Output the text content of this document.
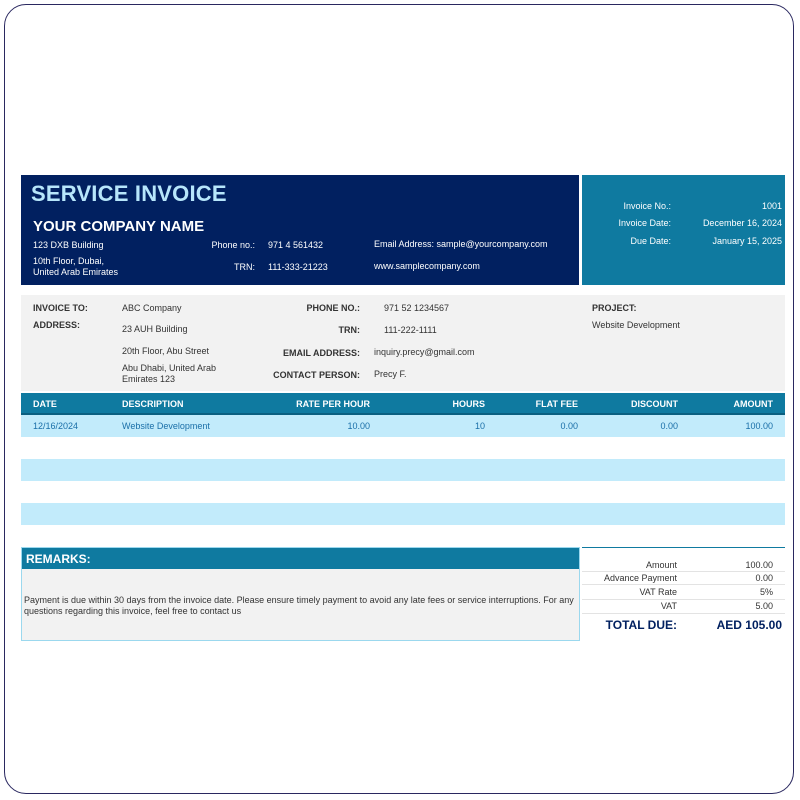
SERVICE INVOICE
YOUR COMPANY NAME
123 DXB Building
10th Floor, Dubai,
United Arab Emirates
Phone no.: 971 4 561432
TRN: 111-333-21223
Email Address: sample@yourcompany.com
www.samplecompany.com
Invoice No.:	1001
Invoice Date:	December 16, 2024
Due Date:	January 15, 2025
INVOICE TO:	ABC Company
ADDRESS:	23 AUH Building
20th Floor, Abu Street
Abu Dhabi, United Arab
Emirates 123
PHONE NO.:	971 52 1234567
TRN:	111-222-1111
EMAIL ADDRESS: inquiry.precy@gmail.com
CONTACT PERSON: Precy F.
PROJECT:
Website Development
DATE	DESCRIPTION	RATE PER HOUR	HOURS	FLAT FEE	DISCOUNT	AMOUNT
12/16/2024	Website Development	10.00	10	0.00	0.00	100.00
REMARKS:
Payment is due within 30 days from the invoice date. Please ensure timely payment to avoid any late fees or service interruptions. For any questions regarding this invoice, feel free to contact us
Amount	100.00
Advance Payment	0.00
VAT Rate	5%
VAT	5.00
TOTAL DUE:	AED 105.00
